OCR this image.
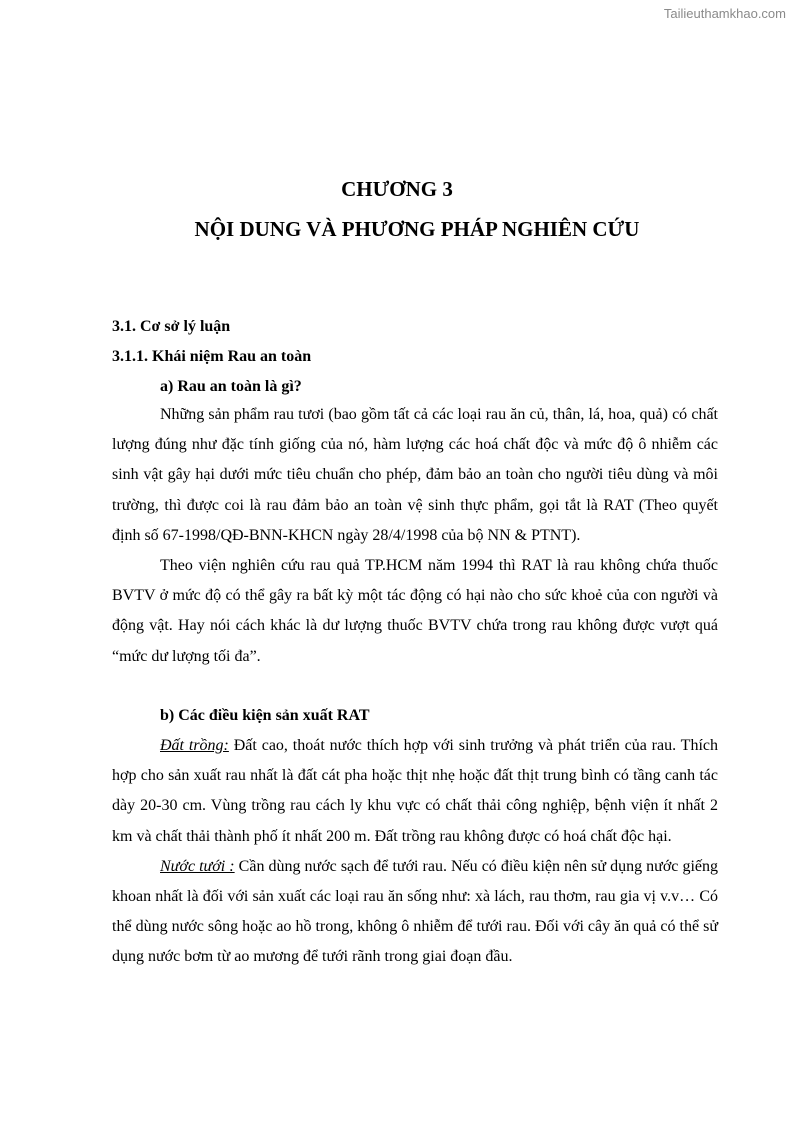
Tailieuthamkhao.com
CHƯƠNG 3
NỘI DUNG VÀ PHƯƠNG PHÁP NGHIÊN CỨU
3.1. Cơ sở lý luận
3.1.1. Khái niệm Rau an toàn
a) Rau an toàn là gì?

Những sản phẩm rau tươi (bao gồm tất cả các loại rau ăn củ, thân, lá, hoa, quả) có chất lượng đúng như đặc tính giống của nó, hàm lượng các hoá chất độc và mức độ ô nhiễm các sinh vật gây hại dưới mức tiêu chuẩn cho phép, đảm bảo an toàn cho người tiêu dùng và môi trường, thì được coi là rau đảm bảo an toàn vệ sinh thực phẩm, gọi tắt là RAT (Theo quyết định số 67-1998/QĐ-BNN-KHCN ngày 28/4/1998 của bộ NN & PTNT).

Theo viện nghiên cứu rau quả TP.HCM năm 1994 thì RAT là rau không chứa thuốc BVTV ở mức độ có thể gây ra bất kỳ một tác động có hại nào cho sức khoẻ của con người và động vật. Hay nói cách khác là dư lượng thuốc BVTV chứa trong rau không được vượt quá “mức dư lượng tối đa”.

b) Các điều kiện sản xuất RAT

Đất trồng: Đất cao, thoát nước thích hợp với sinh trưởng và phát triển của rau. Thích hợp cho sản xuất rau nhất là đất cát pha hoặc thịt nhẹ hoặc đất thịt trung bình có tầng canh tác dày 20-30 cm. Vùng trồng rau cách ly khu vực có chất thải công nghiệp, bệnh viện ít nhất 2 km và chất thải thành phố ít nhất 200 m. Đất trồng rau không được có hoá chất độc hại.

Nước tưới : Cần dùng nước sạch để tưới rau. Nếu có điều kiện nên sử dụng nước giếng khoan nhất là đối với sản xuất các loại rau ăn sống như: xà lách, rau thơm, rau gia vị v.v… Có thể dùng nước sông hoặc ao hồ trong, không ô nhiễm để tưới rau. Đối với cây ăn quả có thể sử dụng nước bơm từ ao mương để tưới rãnh trong giai đoạn đầu.
